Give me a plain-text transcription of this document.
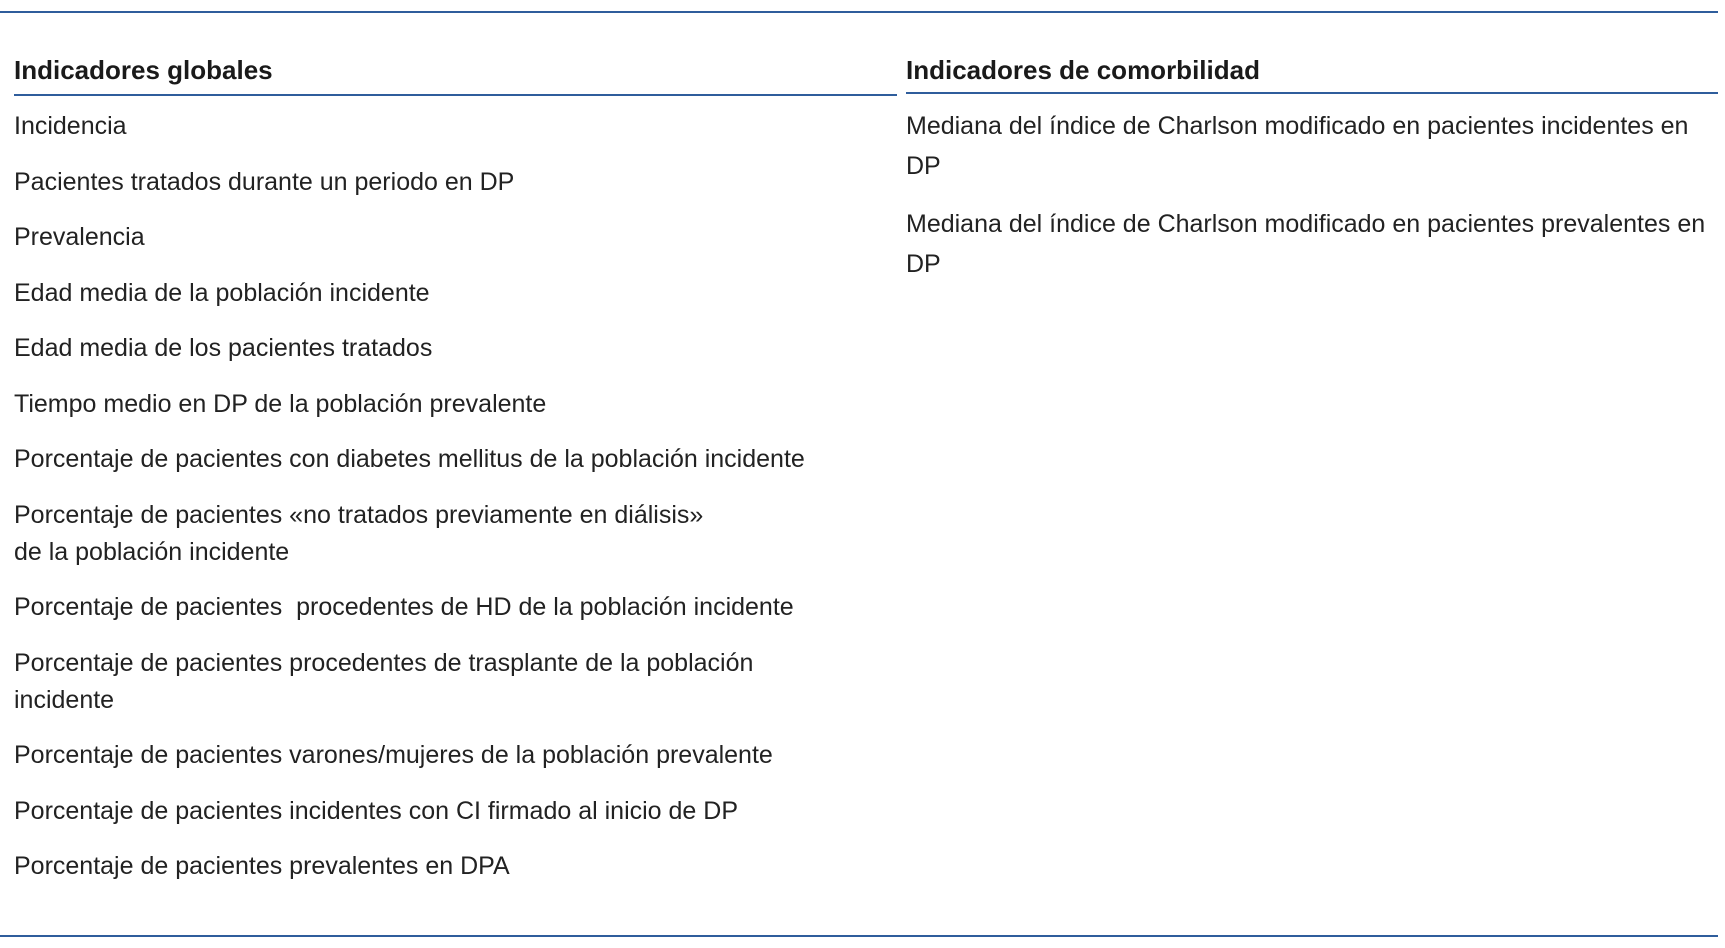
Indicadores globales
Incidencia
Pacientes tratados durante un periodo en DP
Prevalencia
Edad media de la población incidente
Edad media de los pacientes tratados
Tiempo medio en DP de la población prevalente
Porcentaje de pacientes con diabetes mellitus de la población incidente
Porcentaje de pacientes «no tratados previamente en diálisis»
de la población incidente
Porcentaje de pacientes  procedentes de HD de la población incidente
Porcentaje de pacientes procedentes de trasplante de la población
incidente
Porcentaje de pacientes varones/mujeres de la población prevalente
Porcentaje de pacientes incidentes con CI firmado al inicio de DP
Porcentaje de pacientes prevalentes en DPA
Indicadores de comorbilidad
Mediana del índice de Charlson modificado en pacientes incidentes en DP
Mediana del índice de Charlson modificado en pacientes prevalentes en DP
